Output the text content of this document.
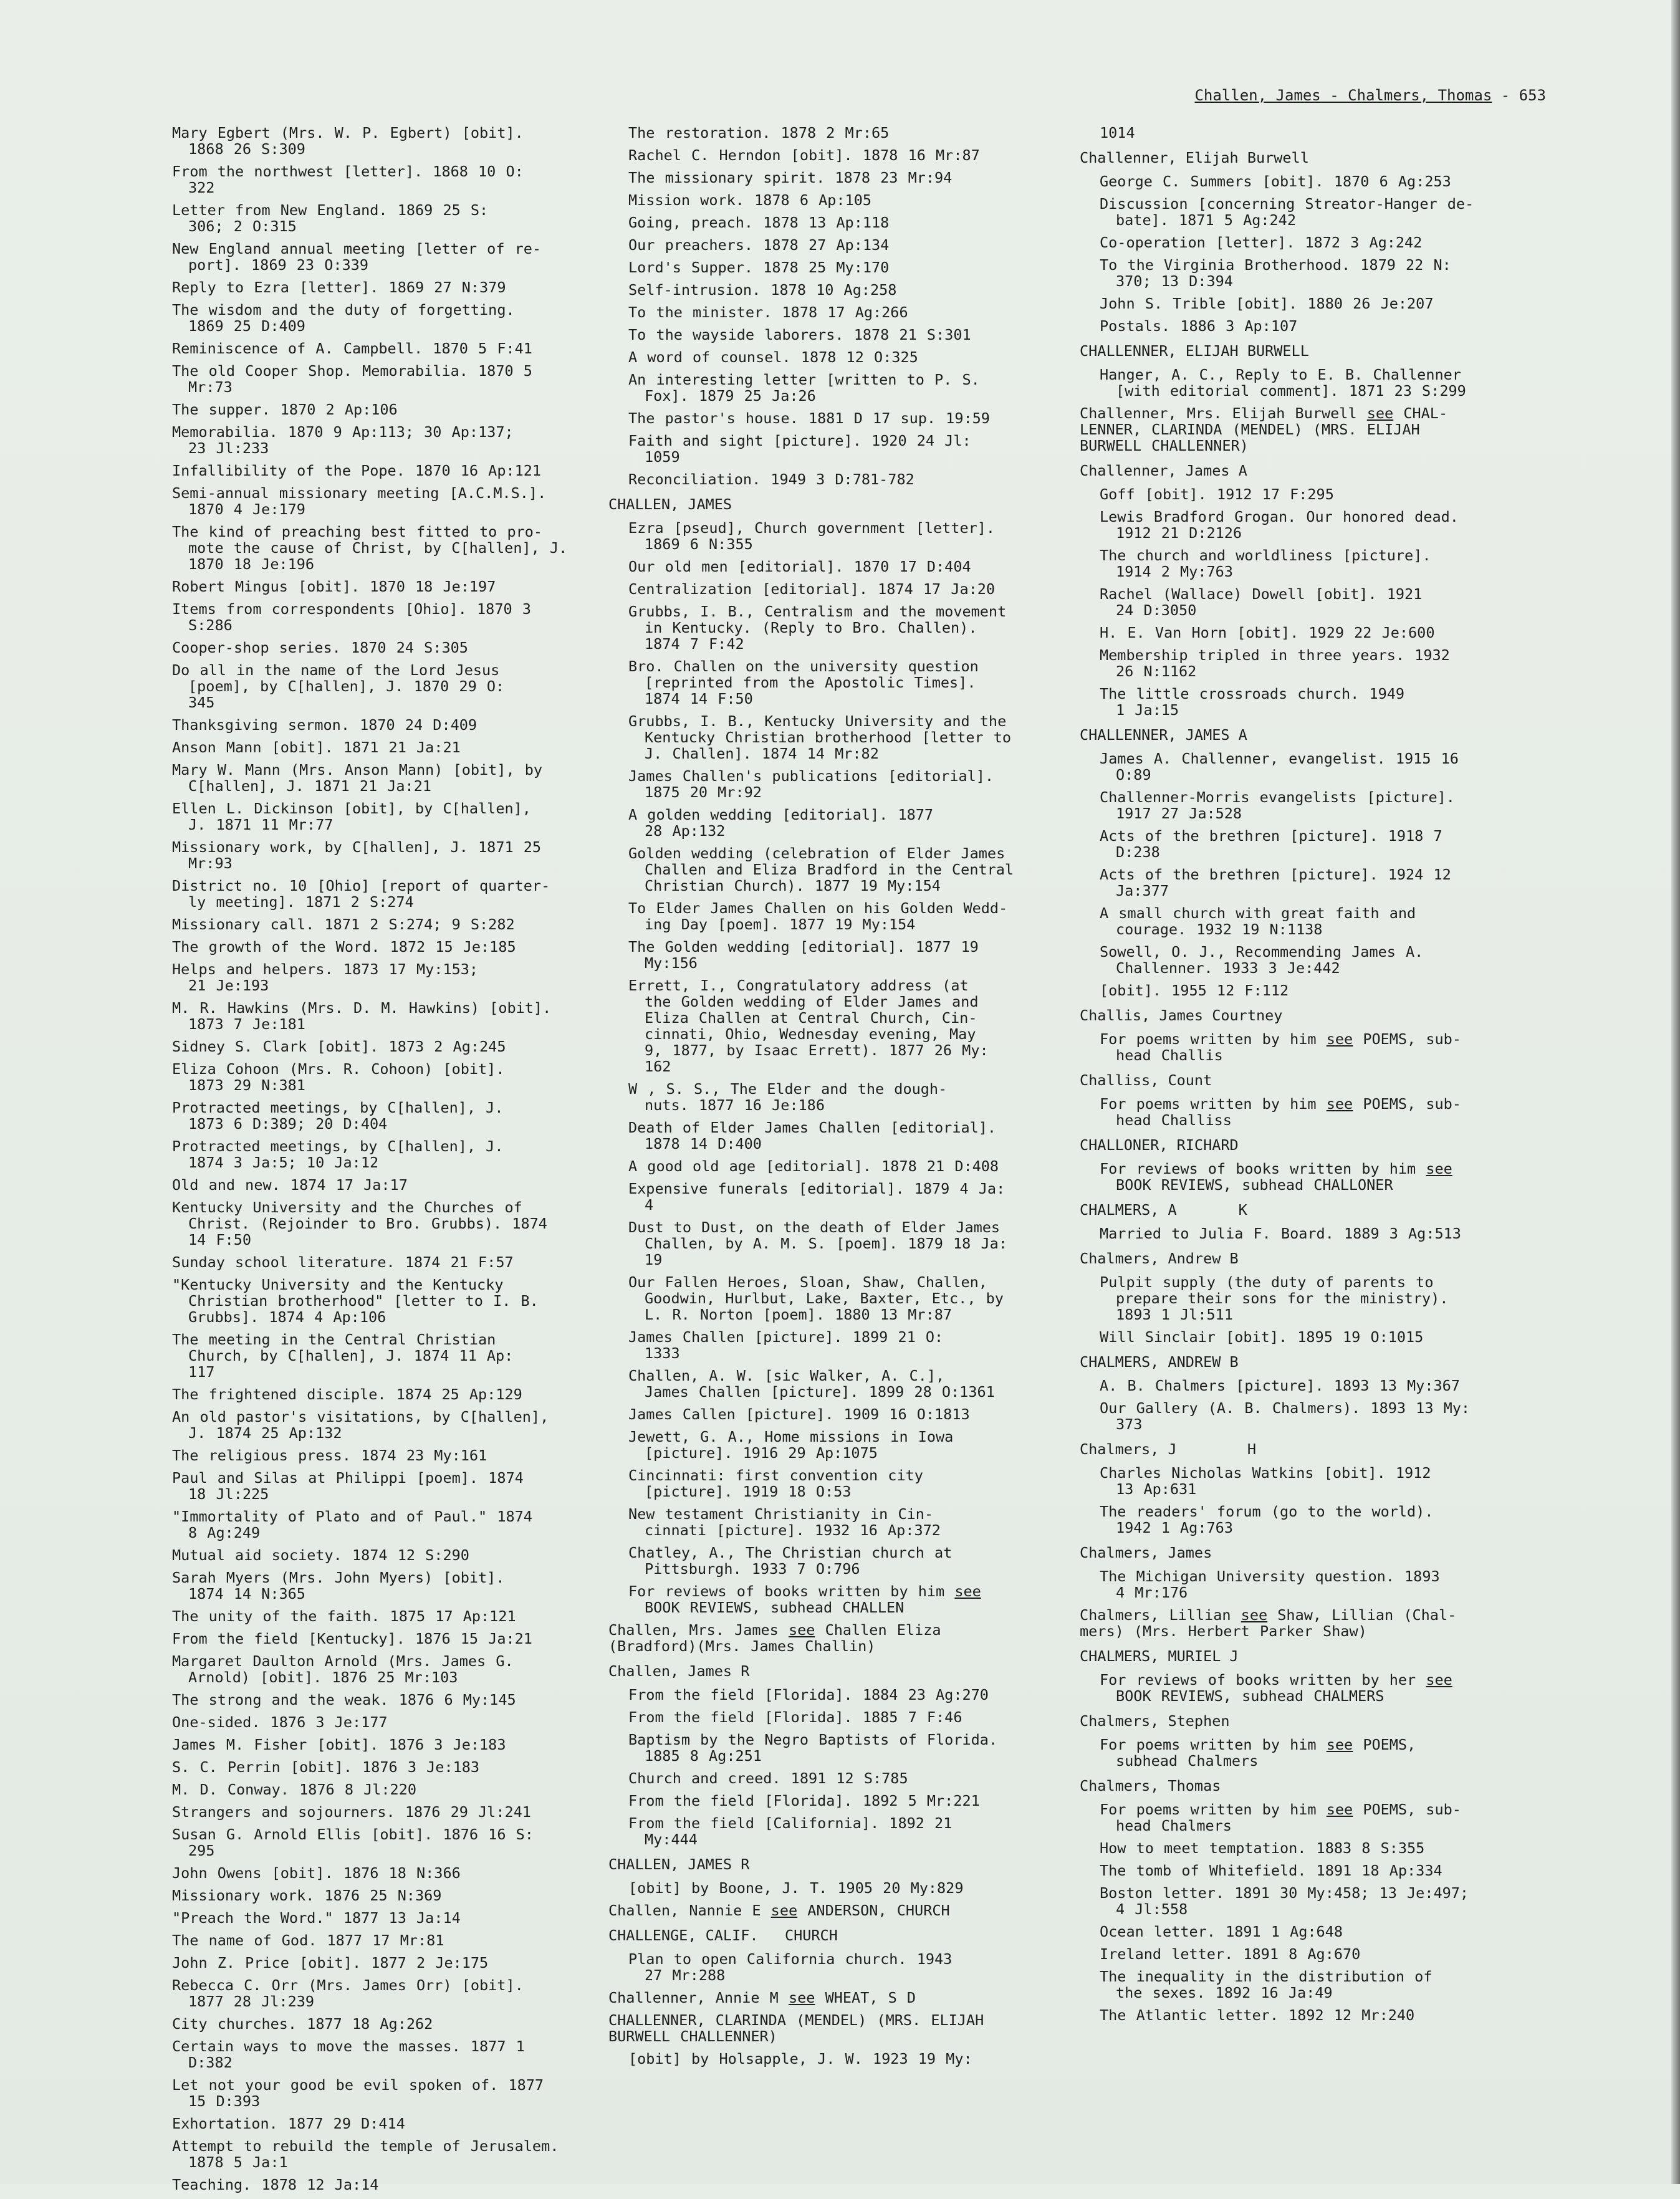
Challen, James - Chalmers, Thomas - 653
Mary Egbert (Mrs. W. P. Egbert) [obit].
1868 26 S:309
From the northwest [letter]. 1868 10 O:
322
Letter from New England. 1869 25 S:
306; 2 O:315
New England annual meeting [letter of re-
port]. 1869 23 O:339
Reply to Ezra [letter]. 1869 27 N:379
The wisdom and the duty of forgetting.
1869 25 D:409
Reminiscence of A. Campbell. 1870 5 F:41
The old Cooper Shop. Memorabilia. 1870 5
Mr:73
The supper. 1870 2 Ap:106
Memorabilia. 1870 9 Ap:113; 30 Ap:137;
23 Jl:233
Infallibility of the Pope. 1870 16 Ap:121
Semi-annual missionary meeting [A.C.M.S.].
1870 4 Je:179
The kind of preaching best fitted to pro-
mote the cause of Christ, by C[hallen], J.
1870 18 Je:196
Robert Mingus [obit]. 1870 18 Je:197
Items from correspondents [Ohio]. 1870 3
S:286
Cooper-shop series. 1870 24 S:305
Do all in the name of the Lord Jesus
[poem], by C[hallen], J. 1870 29 O:
345
Thanksgiving sermon. 1870 24 D:409
Anson Mann [obit]. 1871 21 Ja:21
Mary W. Mann (Mrs. Anson Mann) [obit], by
C[hallen], J. 1871 21 Ja:21
Ellen L. Dickinson [obit], by C[hallen],
J. 1871 11 Mr:77
Missionary work, by C[hallen], J. 1871 25
Mr:93
District no. 10 [Ohio] [report of quarter-
ly meeting]. 1871 2 S:274
Missionary call. 1871 2 S:274; 9 S:282
The growth of the Word. 1872 15 Je:185
Helps and helpers. 1873 17 My:153;
21 Je:193
M. R. Hawkins (Mrs. D. M. Hawkins) [obit].
1873 7 Je:181
Sidney S. Clark [obit]. 1873 2 Ag:245
Eliza Cohoon (Mrs. R. Cohoon) [obit].
1873 29 N:381
Protracted meetings, by C[hallen], J.
1873 6 D:389; 20 D:404
Protracted meetings, by C[hallen], J.
1874 3 Ja:5; 10 Ja:12
Old and new. 1874 17 Ja:17
Kentucky University and the Churches of
Christ. (Rejoinder to Bro. Grubbs). 1874
14 F:50
Sunday school literature. 1874 21 F:57
"Kentucky University and the Kentucky
Christian brotherhood" [letter to I. B.
Grubbs]. 1874 4 Ap:106
The meeting in the Central Christian
Church, by C[hallen], J. 1874 11 Ap:
117
The frightened disciple. 1874 25 Ap:129
An old pastor's visitations, by C[hallen],
J. 1874 25 Ap:132
The religious press. 1874 23 My:161
Paul and Silas at Philippi [poem]. 1874
18 Jl:225
"Immortality of Plato and of Paul." 1874
8 Ag:249
Mutual aid society. 1874 12 S:290
Sarah Myers (Mrs. John Myers) [obit].
1874 14 N:365
The unity of the faith. 1875 17 Ap:121
From the field [Kentucky]. 1876 15 Ja:21
Margaret Daulton Arnold (Mrs. James G.
Arnold) [obit]. 1876 25 Mr:103
The strong and the weak. 1876 6 My:145
One-sided. 1876 3 Je:177
James M. Fisher [obit]. 1876 3 Je:183
S. C. Perrin [obit]. 1876 3 Je:183
M. D. Conway. 1876 8 Jl:220
Strangers and sojourners. 1876 29 Jl:241
Susan G. Arnold Ellis [obit]. 1876 16 S:
295
John Owens [obit]. 1876 18 N:366
Missionary work. 1876 25 N:369
"Preach the Word." 1877 13 Ja:14
The name of God. 1877 17 Mr:81
John Z. Price [obit]. 1877 2 Je:175
Rebecca C. Orr (Mrs. James Orr) [obit].
1877 28 Jl:239
City churches. 1877 18 Ag:262
Certain ways to move the masses. 1877 1
D:382
Let not your good be evil spoken of. 1877
15 D:393
Exhortation. 1877 29 D:414
Attempt to rebuild the temple of Jerusalem.
1878 5 Ja:1
Teaching. 1878 12 Ja:14
The restoration. 1878 2 Mr:65
Rachel C. Herndon [obit]. 1878 16 Mr:87
The missionary spirit. 1878 23 Mr:94
Mission work. 1878 6 Ap:105
Going, preach. 1878 13 Ap:118
Our preachers. 1878 27 Ap:134
Lord's Supper. 1878 25 My:170
Self-intrusion. 1878 10 Ag:258
To the minister. 1878 17 Ag:266
To the wayside laborers. 1878 21 S:301
A word of counsel. 1878 12 O:325
An interesting letter [written to P. S.
Fox]. 1879 25 Ja:26
The pastor's house. 1881 D 17 sup. 19:59
Faith and sight [picture]. 1920 24 Jl:
1059
Reconciliation. 1949 3 D:781-782
CHALLEN, JAMES
Ezra [pseud], Church government [letter].
1869 6 N:355
Our old men [editorial]. 1870 17 D:404
Centralization [editorial]. 1874 17 Ja:20
Grubbs, I. B., Centralism and the movement
in Kentucky. (Reply to Bro. Challen).
1874 7 F:42
Bro. Challen on the university question
[reprinted from the Apostolic Times].
1874 14 F:50
Grubbs, I. B., Kentucky University and the
Kentucky Christian brotherhood [letter to
J. Challen]. 1874 14 Mr:82
James Challen's publications [editorial].
1875 20 Mr:92
A golden wedding [editorial]. 1877
28 Ap:132
Golden wedding (celebration of Elder James
Challen and Eliza Bradford in the Central
Christian Church). 1877 19 My:154
To Elder James Challen on his Golden Wedd-
ing Day [poem]. 1877 19 My:154
The Golden wedding [editorial]. 1877 19
My:156
Errett, I., Congratulatory address (at
the Golden wedding of Elder James and
Eliza Challen at Central Church, Cin-
cinnati, Ohio, Wednesday evening, May
9, 1877, by Isaac Errett). 1877 26 My:
162
W , S. S., The Elder and the dough-
nuts. 1877 16 Je:186
Death of Elder James Challen [editorial].
1878 14 D:400
A good old age [editorial]. 1878 21 D:408
Expensive funerals [editorial]. 1879 4 Ja:
4
Dust to Dust, on the death of Elder James
Challen, by A. M. S. [poem]. 1879 18 Ja:
19
Our Fallen Heroes, Sloan, Shaw, Challen,
Goodwin, Hurlbut, Lake, Baxter, Etc., by
L. R. Norton [poem]. 1880 13 Mr:87
James Challen [picture]. 1899 21 O:
1333
Challen, A. W. [sic Walker, A. C.],
James Challen [picture]. 1899 28 O:1361
James Callen [picture]. 1909 16 O:1813
Jewett, G. A., Home missions in Iowa
[picture]. 1916 29 Ap:1075
Cincinnati: first convention city
[picture]. 1919 18 O:53
New testament Christianity in Cin-
cinnati [picture]. 1932 16 Ap:372
Chatley, A., The Christian church at
Pittsburgh. 1933 7 O:796
For reviews of books written by him see
BOOK REVIEWS, subhead CHALLEN
Challen, Mrs. James see Challen Eliza
(Bradford)(Mrs. James Challin)
Challen, James R
From the field [Florida]. 1884 23 Ag:270
From the field [Florida]. 1885 7 F:46
Baptism by the Negro Baptists of Florida.
1885 8 Ag:251
Church and creed. 1891 12 S:785
From the field [Florida]. 1892 5 Mr:221
From the field [California]. 1892 21
My:444
CHALLEN, JAMES R
[obit] by Boone, J. T. 1905 20 My:829
Challen, Nannie E see ANDERSON, CHURCH
CHALLENGE, CALIF.   CHURCH
Plan to open California church. 1943
27 Mr:288
Challenner, Annie M see WHEAT, S D
CHALLENNER, CLARINDA (MENDEL) (MRS. ELIJAH
BURWELL CHALLENNER)
[obit] by Holsapple, J. W. 1923 19 My:
1014
Challenner, Elijah Burwell
George C. Summers [obit]. 1870 6 Ag:253
Discussion [concerning Streator-Hanger de-
bate]. 1871 5 Ag:242
Co-operation [letter]. 1872 3 Ag:242
To the Virginia Brotherhood. 1879 22 N:
370; 13 D:394
John S. Trible [obit]. 1880 26 Je:207
Postals. 1886 3 Ap:107
CHALLENNER, ELIJAH BURWELL
Hanger, A. C., Reply to E. B. Challenner
[with editorial comment]. 1871 23 S:299
Challenner, Mrs. Elijah Burwell see CHAL-
LENNER, CLARINDA (MENDEL) (MRS. ELIJAH
BURWELL CHALLENNER)
Challenner, James A
Goff [obit]. 1912 17 F:295
Lewis Bradford Grogan. Our honored dead.
1912 21 D:2126
The church and worldliness [picture].
1914 2 My:763
Rachel (Wallace) Dowell [obit]. 1921
24 D:3050
H. E. Van Horn [obit]. 1929 22 Je:600
Membership tripled in three years. 1932
26 N:1162
The little crossroads church. 1949
1 Ja:15
CHALLENNER, JAMES A
James A. Challenner, evangelist. 1915 16
O:89
Challenner-Morris evangelists [picture].
1917 27 Ja:528
Acts of the brethren [picture]. 1918 7
D:238
Acts of the brethren [picture]. 1924 12
Ja:377
A small church with great faith and
courage. 1932 19 N:1138
Sowell, O. J., Recommending James A.
Challenner. 1933 3 Je:442
[obit]. 1955 12 F:112
Challis, James Courtney
For poems written by him see POEMS, sub-
head Challis
Challiss, Count
For poems written by him see POEMS, sub-
head Challiss
CHALLONER, RICHARD
For reviews of books written by him see
BOOK REVIEWS, subhead CHALLONER
CHALMERS, A       K
Married to Julia F. Board. 1889 3 Ag:513
Chalmers, Andrew B
Pulpit supply (the duty of parents to
prepare their sons for the ministry).
1893 1 Jl:511
Will Sinclair [obit]. 1895 19 O:1015
CHALMERS, ANDREW B
A. B. Chalmers [picture]. 1893 13 My:367
Our Gallery (A. B. Chalmers). 1893 13 My:
373
Chalmers, J        H
Charles Nicholas Watkins [obit]. 1912
13 Ap:631
The readers' forum (go to the world).
1942 1 Ag:763
Chalmers, James
The Michigan University question. 1893
4 Mr:176
Chalmers, Lillian see Shaw, Lillian (Chal-
mers) (Mrs. Herbert Parker Shaw)
CHALMERS, MURIEL J
For reviews of books written by her see
BOOK REVIEWS, subhead CHALMERS
Chalmers, Stephen
For poems written by him see POEMS,
subhead Chalmers
Chalmers, Thomas
For poems written by him see POEMS, sub-
head Chalmers
How to meet temptation. 1883 8 S:355
The tomb of Whitefield. 1891 18 Ap:334
Boston letter. 1891 30 My:458; 13 Je:497;
4 Jl:558
Ocean letter. 1891 1 Ag:648
Ireland letter. 1891 8 Ag:670
The inequality in the distribution of
the sexes. 1892 16 Ja:49
The Atlantic letter. 1892 12 Mr:240
